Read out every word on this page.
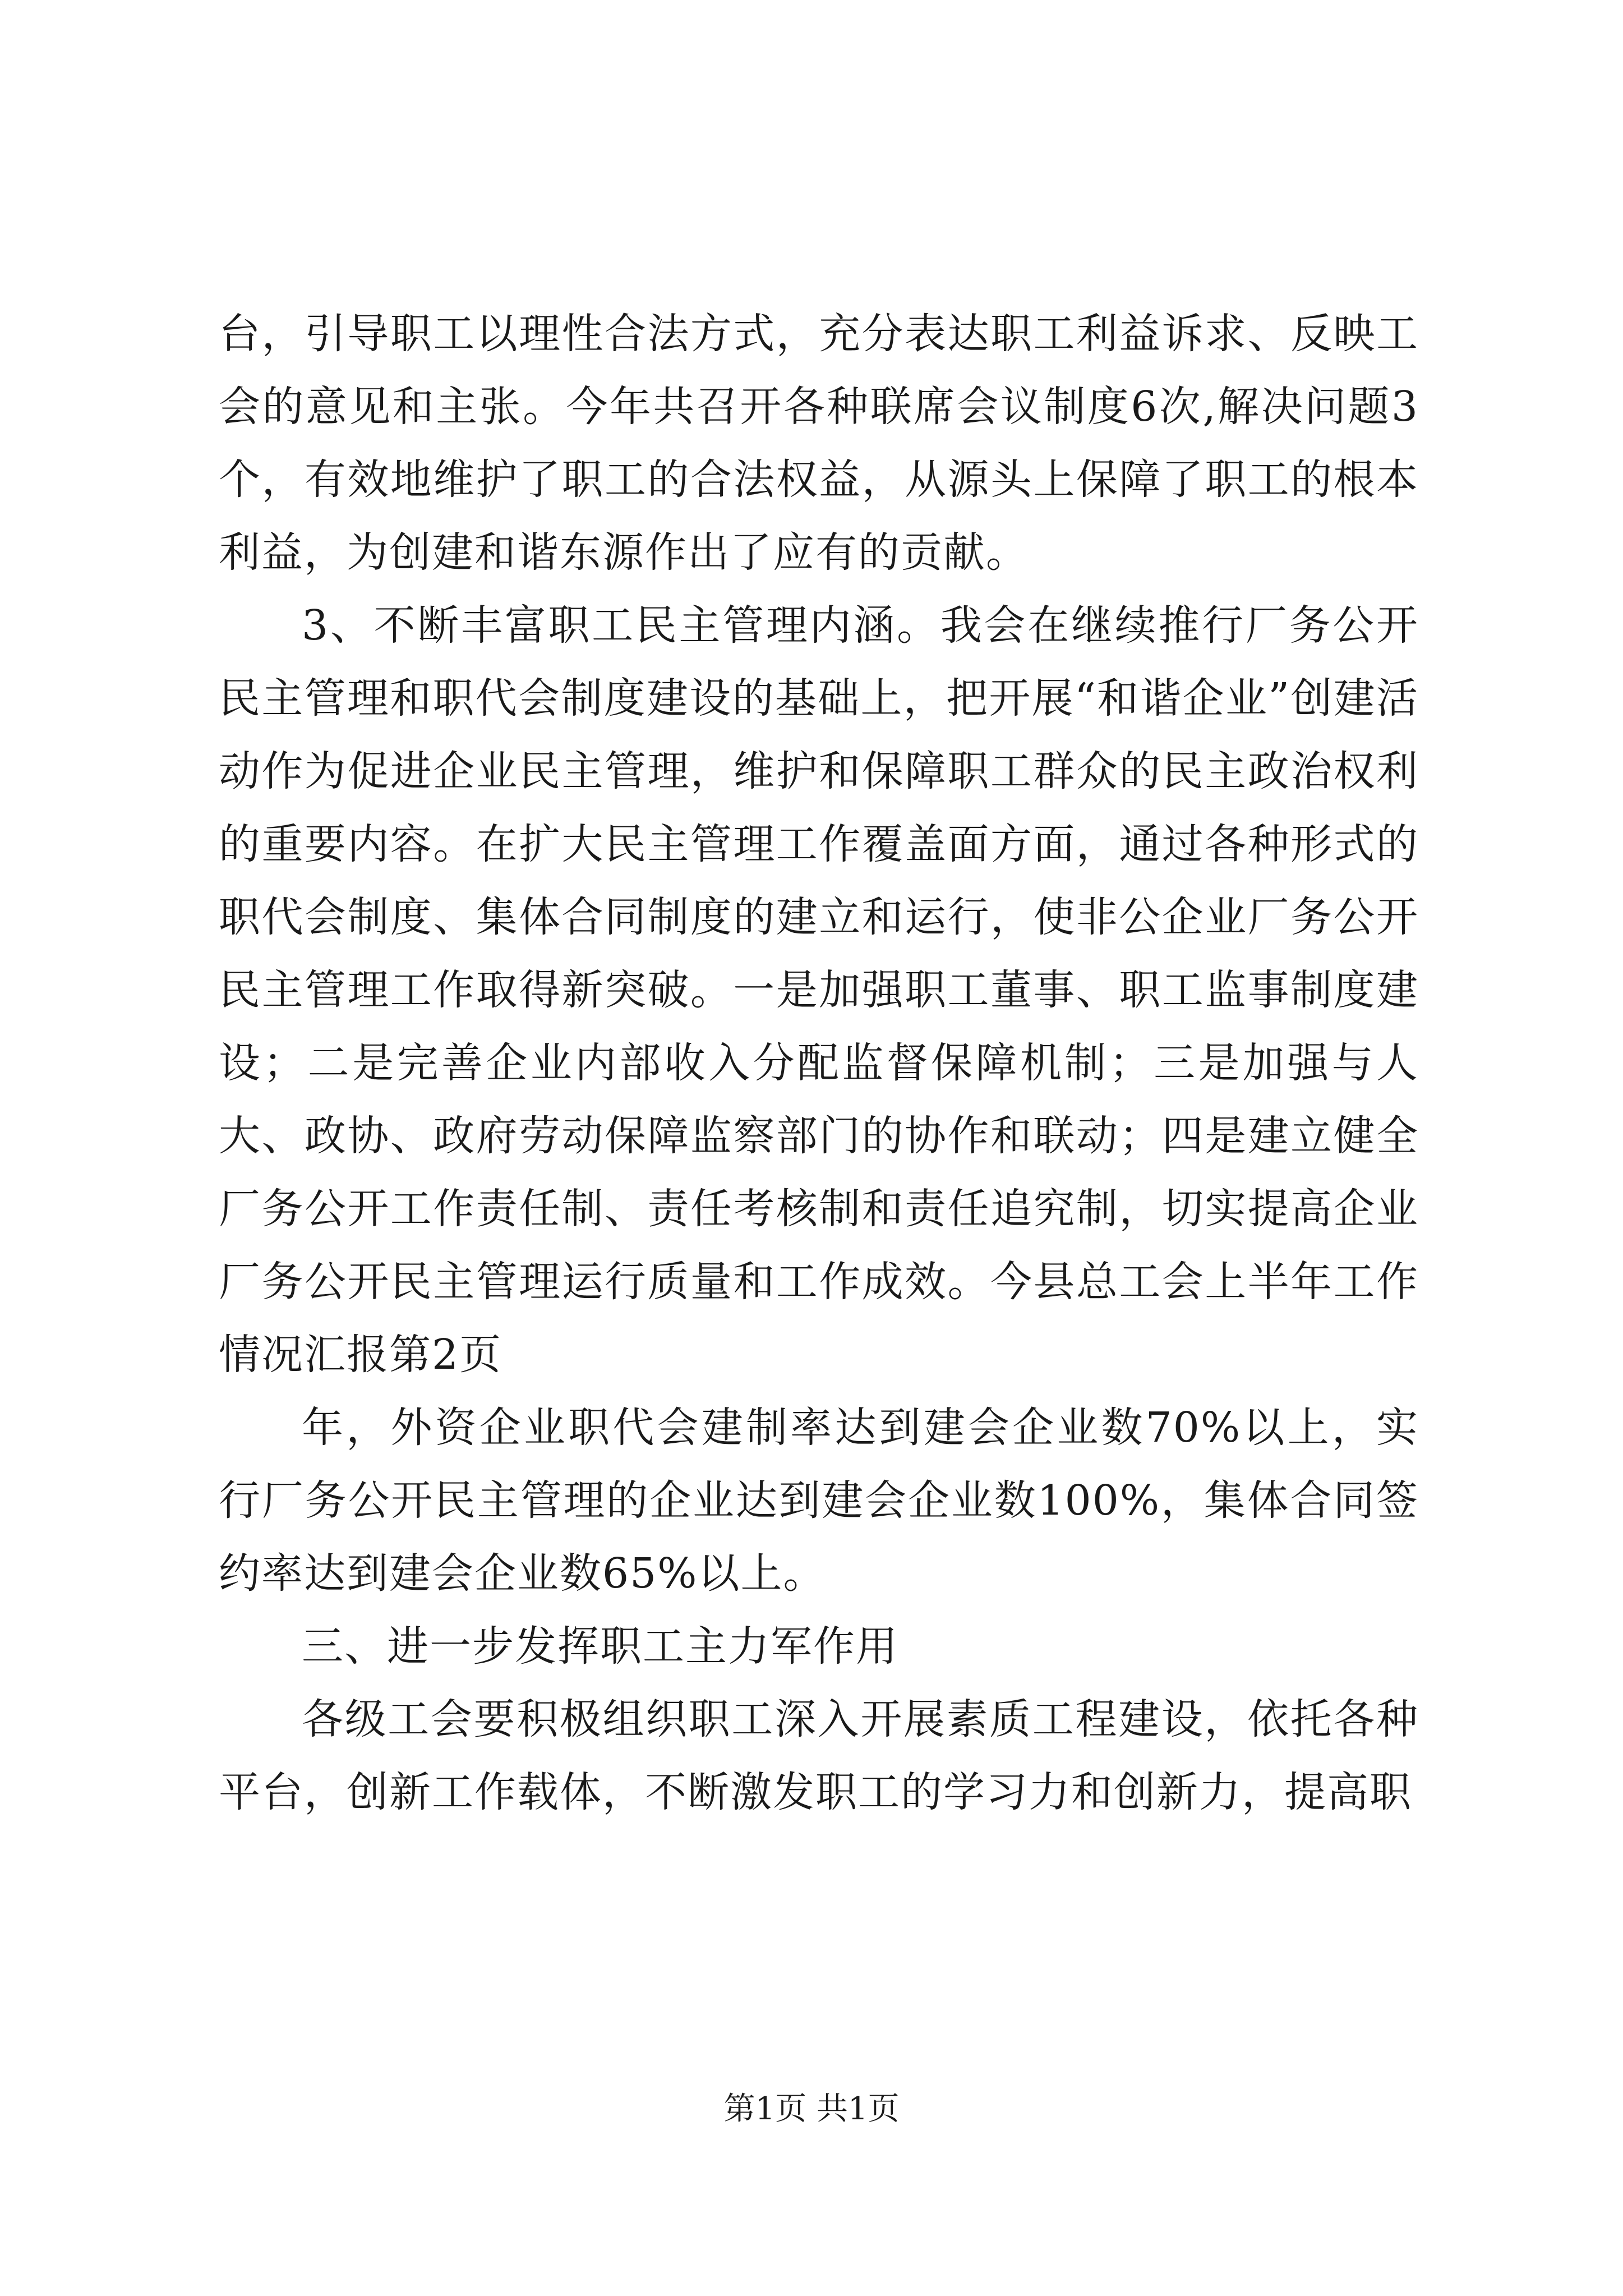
台，引导职工以理性合法方式，充分表达职工利益诉求、反映工会的意见和主张。今年共召开各种联席会议制度6次,解决问题3个，有效地维护了职工的合法权益，从源头上保障了职工的根本利益，为创建和谐东源作出了应有的贡献。

3、不断丰富职工民主管理内涵。我会在继续推行厂务公开民主管理和职代会制度建设的基础上，把开展“和谐企业”创建活动作为促进企业民主管理，维护和保障职工群众的民主政治权利的重要内容。在扩大民主管理工作覆盖面方面，通过各种形式的职代会制度、集体合同制度的建立和运行，使非公企业厂务公开民主管理工作取得新突破。一是加强职工董事、职工监事制度建设；二是完善企业内部收入分配监督保障机制；三是加强与人大、政协、政府劳动保障监察部门的协作和联动；四是建立健全厂务公开工作责任制、责任考核制和责任追究制，切实提高企业厂务公开民主管理运行质量和工作成效。今县总工会上半年工作情况汇报第2页

年，外资企业职代会建制率达到建会企业数70%以上，实行厂务公开民主管理的企业达到建会企业数100%，集体合同签约率达到建会企业数65%以上。

三、进一步发挥职工主力军作用

各级工会要积极组织职工深入开展素质工程建设，依托各种平台，创新工作载体，不断激发职工的学习力和创新力，提高职

第1页 共1页
